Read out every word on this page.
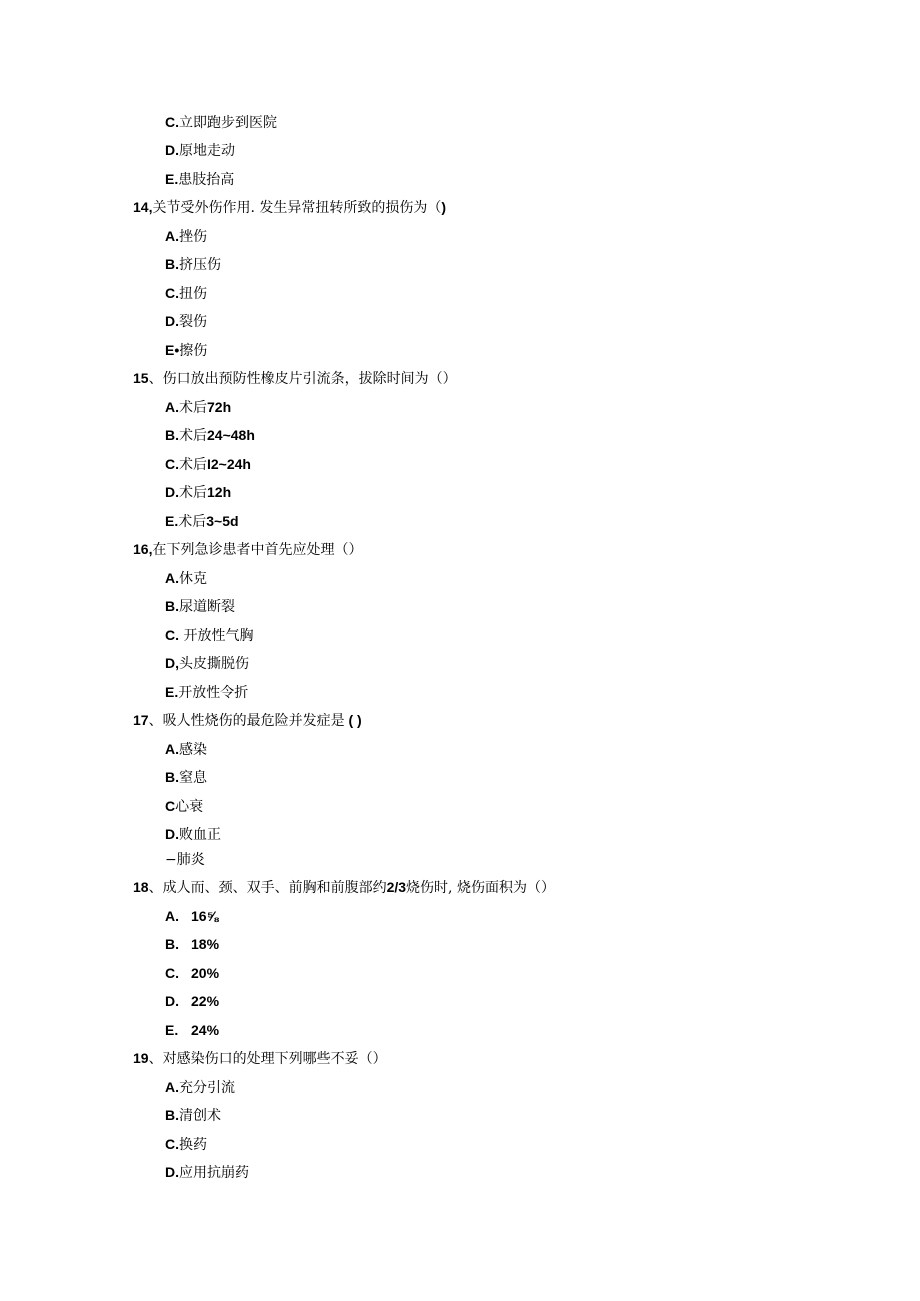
C.立即跑步到医院
D.原地走动
E.患肢抬高
14,关节受外伤作用. 发生异常扭转所致的损伤为（)
A.挫伤
B.挤压伤
C.扭伤
D.裂伤
E•擦伤
15、伤口放出预防性橡皮片引流条，拔除时间为（）
A.术后72h
B.术后24~48h
C.术后I2~24h
D.术后12h
E.术后3~5d
16,在下列急诊患者中首先应处理（）
A.休克
B.尿道断裂
C. 开放性气胸
D,头皮撕脱伤
E.开放性令折
17、吸人性烧伤的最危险并发症是 ( )
A.感染
B.窒息
C心衰
D.败血正
−肺炎
18、成人而、颈、双手、前胸和前腹部约2/3烧伤时, 烧伤面积为（）
A. 16⅝
B. 18%
C. 20%
D. 22%
E. 24%
19、对感染伤口的处理下列哪些不妥（）
A.充分引流
B.清创术
C.换药
D.应用抗崩药
